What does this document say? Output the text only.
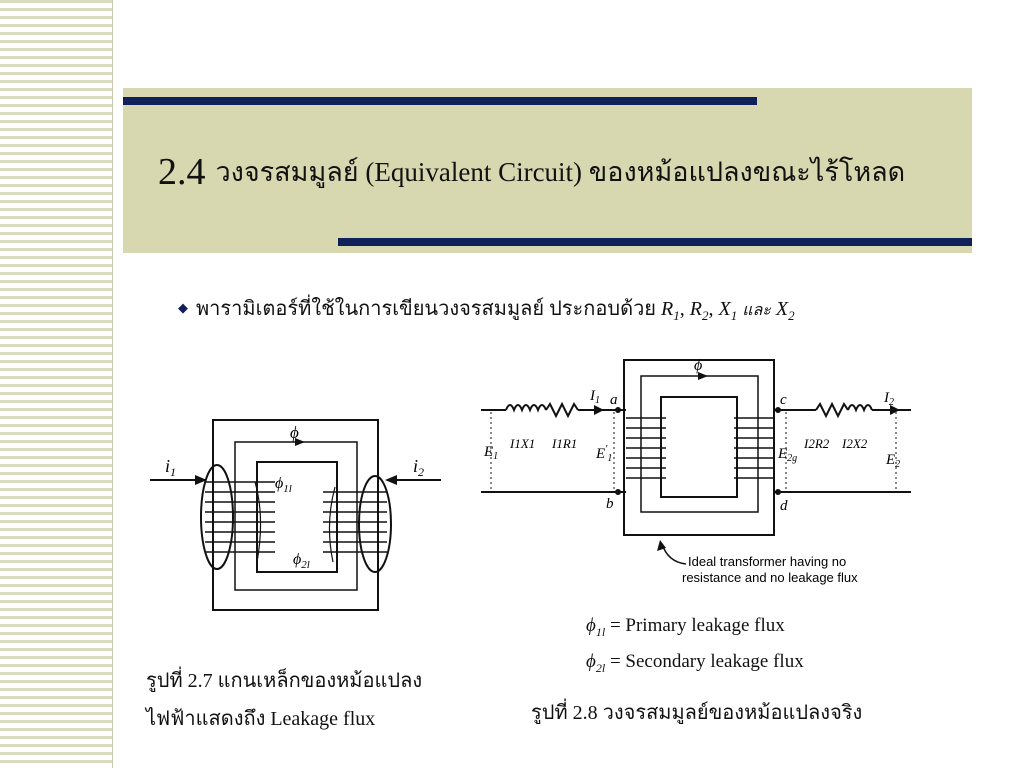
2.4 วงจรสมมูลย์ (Equivalent Circuit) ของหม้อแปลงขณะไร้โหลด
◆ พารามิเตอร์ที่ใช้ในการเขียนวงจรสมมูลย์ ประกอบด้วย $R_1$, $R_2$, $X_1$ และ $X_2$
ϕ
$i_1$	$i_2$
$\phi_{1l}$
$\phi_{2l}$
รูปที่ 2.7 แกนเหล็กของหม้อแปลง
ไฟฟ้าแสดงถึง Leakage flux
ϕ
a
b
c
d
$I_1$	$I_2$
I1X1 I1R1	I2R2 I2X2
$E_1$	$E'_1$	$E_{2g}$	$E_2$
Ideal transformer having no
resistance and no leakage flux
$\phi_{1l}$ = Primary leakage flux
$\phi_{2l}$ = Secondary leakage flux
รูปที่ 2.8 วงจรสมมูลย์ของหม้อแปลงจริง
